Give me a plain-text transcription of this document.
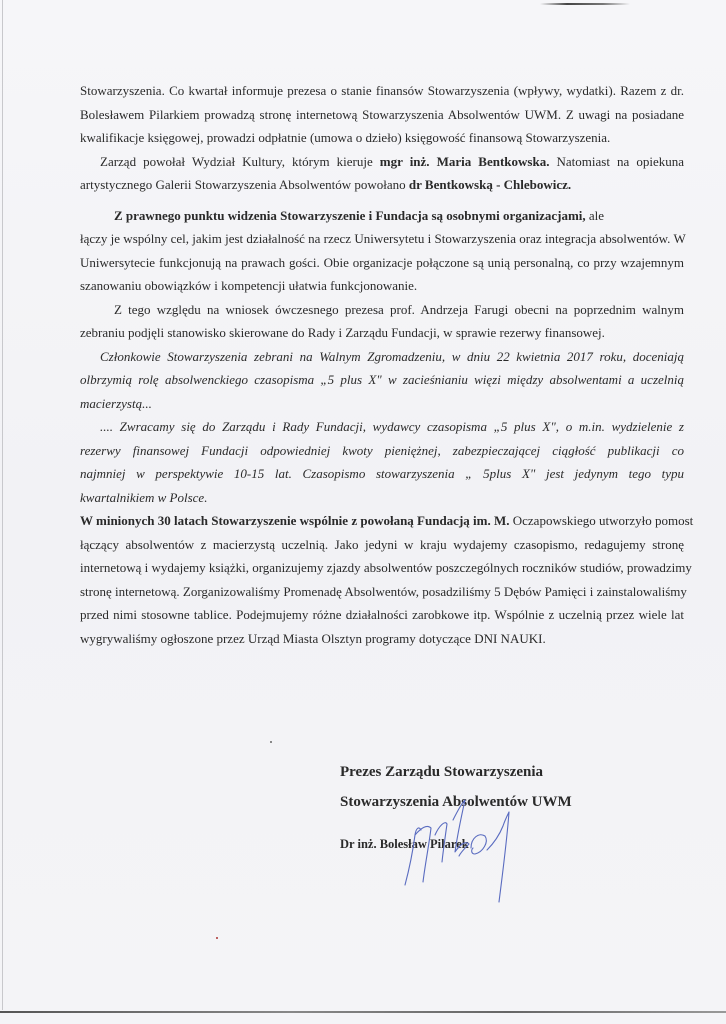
Stowarzyszenia. Co kwartał informuje prezesa o stanie finansów Stowarzyszenia (wpływy, wydatki). Razem z dr.
Bolesławem Pilarkiem prowadzą stronę internetową Stowarzyszenia Absolwentów UWM. Z uwagi na posiadane
kwalifikacje księgowej, prowadzi odpłatnie (umowa o dzieło) księgowość finansową Stowarzyszenia.
Zarząd powołał Wydział Kultury, którym kieruje mgr inż. Maria Bentkowska. Natomiast na opiekuna
artystycznego Galerii Stowarzyszenia Absolwentów powołano dr Bentkowską - Chlebowicz.
Z prawnego punktu widzenia Stowarzyszenie i Fundacja są osobnymi organizacjami, ale
łączy je wspólny cel, jakim jest działalność na rzecz Uniwersytetu i Stowarzyszenia oraz integracja absolwentów. W
Uniwersytecie funkcjonują na prawach gości. Obie organizacje połączone są unią personalną, co przy wzajemnym
szanowaniu obowiązków i kompetencji ułatwia funkcjonowanie.
Z tego względu na wniosek ówczesnego prezesa prof. Andrzeja Farugi obecni na poprzednim walnym
zebraniu podjęli stanowisko skierowane do Rady i Zarządu Fundacji, w sprawie rezerwy finansowej.
Członkowie Stowarzyszenia zebrani na Walnym Zgromadzeniu, w dniu 22 kwietnia 2017 roku, doceniają
olbrzymią rolę absolwenckiego czasopisma „5 plus X" w zacieśnianiu więzi między absolwentami a uczelnią
macierzystą...
.... Zwracamy się do Zarządu i Rady Fundacji, wydawcy czasopisma „5 plus X", o m.in. wydzielenie z
rezerwy finansowej Fundacji odpowiedniej kwoty pieniężnej, zabezpieczającej ciągłość publikacji co
najmniej w perspektywie 10-15 lat. Czasopismo stowarzyszenia „ 5plus X" jest jedynym tego typu
kwartalnikiem w Polsce.
W minionych 30 latach Stowarzyszenie wspólnie z powołaną Fundacją im. M. Oczapowskiego utworzyło pomost
łączący absolwentów z macierzystą uczelnią. Jako jedyni w kraju wydajemy czasopismo, redagujemy stronę
internetową i wydajemy książki, organizujemy zjazdy absolwentów poszczególnych roczników studiów, prowadzimy
stronę internetową. Zorganizowaliśmy Promenadę Absolwentów, posadziliśmy 5 Dębów Pamięci i zainstalowaliśmy
przed nimi stosowne tablice. Podejmujemy różne działalności zarobkowe itp. Wspólnie z uczelnią przez wiele lat
wygrywaliśmy ogłoszone przez Urząd Miasta Olsztyn programy dotyczące DNI NAUKI.
Prezes Zarządu Stowarzyszenia
Stowarzyszenia Absolwentów UWM
Dr inż. Bolesław Pilarek
